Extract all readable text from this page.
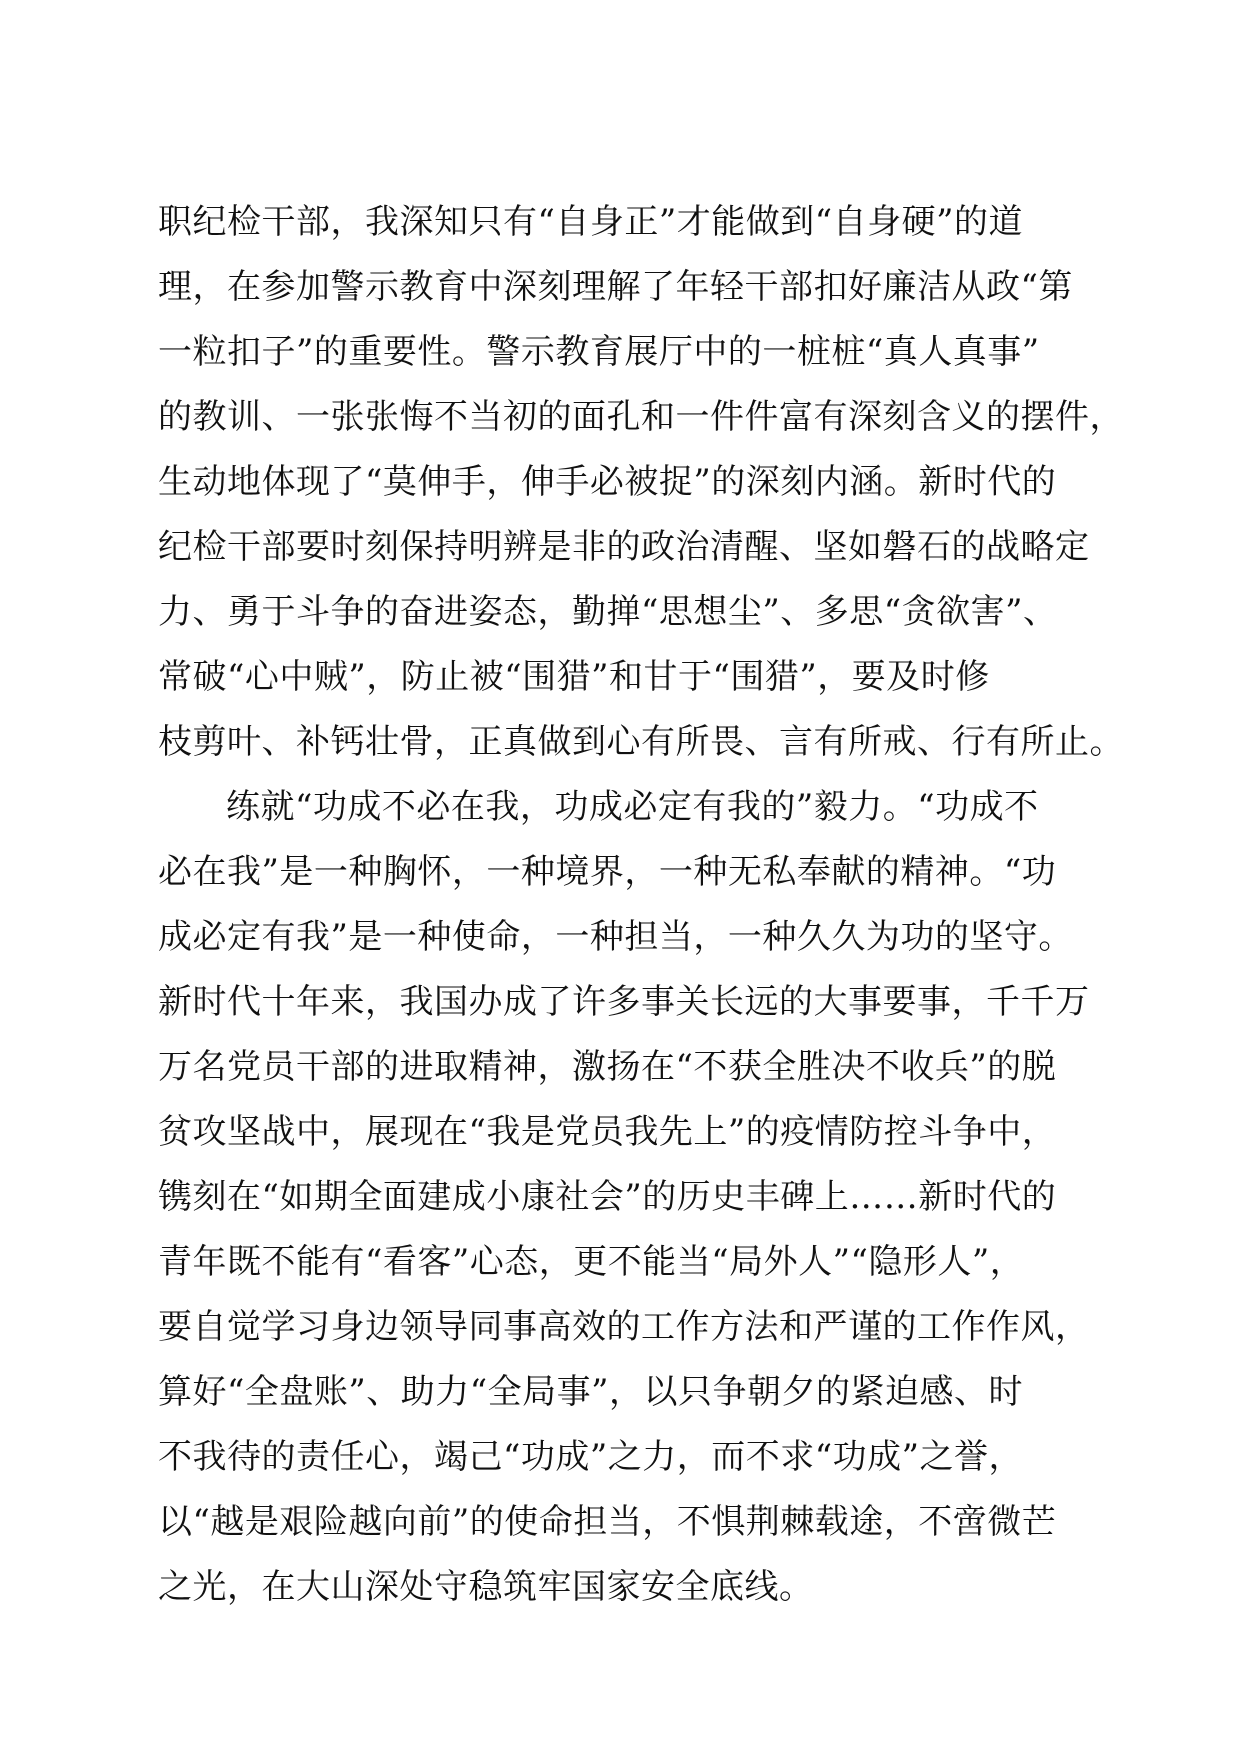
职纪检干部，我深知只有“自身正”才能做到“自身硬”的道
理，在参加警示教育中深刻理解了年轻干部扣好廉洁从政“第
一粒扣子”的重要性。警示教育展厅中的一桩桩“真人真事”
的教训、一张张悔不当初的面孔和一件件富有深刻含义的摆件，
生动地体现了“莫伸手，伸手必被捉”的深刻内涵。新时代的
纪检干部要时刻保持明辨是非的政治清醒、坚如磐石的战略定
力、勇于斗争的奋进姿态，勤掸“思想尘”、多思“贪欲害”、
常破“心中贼”，防止被“围猎”和甘于“围猎”，要及时修
枝剪叶、补钙壮骨，正真做到心有所畏、言有所戒、行有所止。
练就“功成不必在我，功成必定有我的”毅力。“功成不
必在我”是一种胸怀，一种境界，一种无私奉献的精神。“功
成必定有我”是一种使命，一种担当，一种久久为功的坚守。
新时代十年来，我国办成了许多事关长远的大事要事，千千万
万名党员干部的进取精神，激扬在“不获全胜决不收兵”的脱
贫攻坚战中，展现在“我是党员我先上”的疫情防控斗争中，
镌刻在“如期全面建成小康社会”的历史丰碑上……新时代的
青年既不能有“看客”心态，更不能当“局外人”“隐形人”，
要自觉学习身边领导同事高效的工作方法和严谨的工作作风，
算好“全盘账”、助力“全局事”，以只争朝夕的紧迫感、时
不我待的责任心，竭己“功成”之力，而不求“功成”之誉，
以“越是艰险越向前”的使命担当，不惧荆棘载途，不啻微芒
之光，在大山深处守稳筑牢国家安全底线。
